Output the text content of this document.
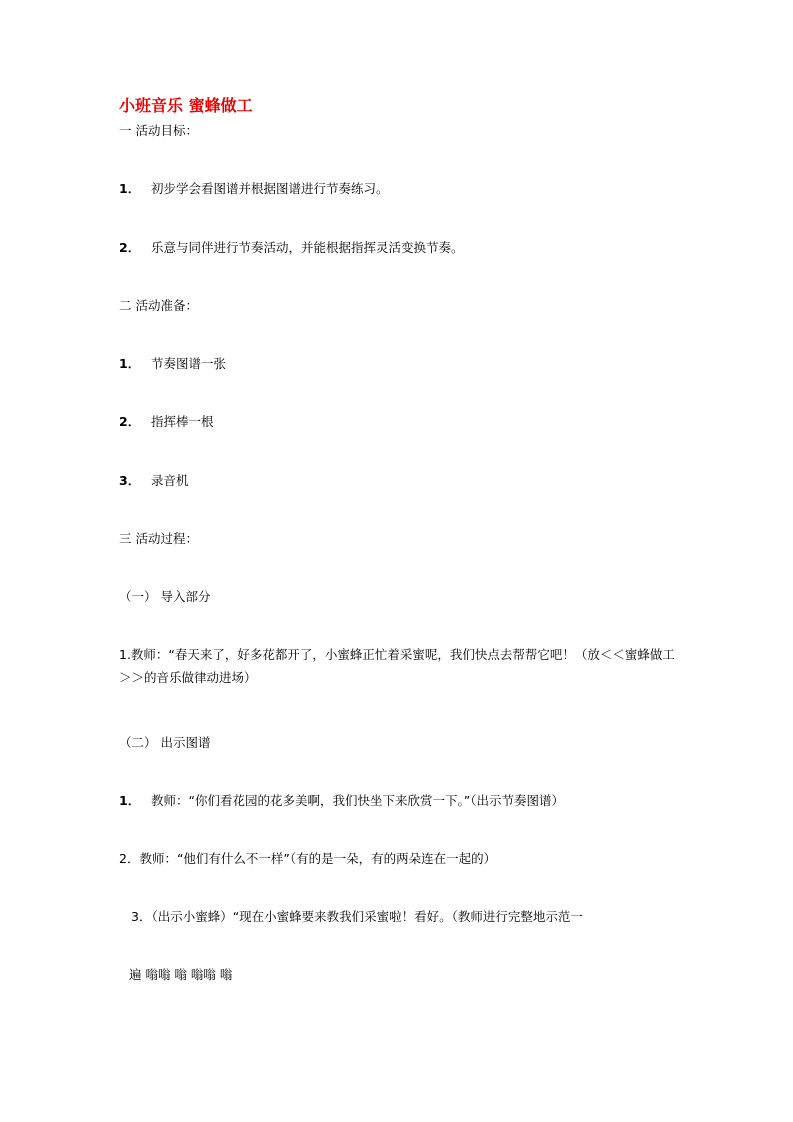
小班音乐 蜜蜂做工
一 活动目标：
1． 初步学会看图谱并根据图谱进行节奏练习。
2． 乐意与同伴进行节奏活动，并能根据指挥灵活变换节奏。
二 活动准备：
1． 节奏图谱一张
2． 指挥棒一根
3． 录音机
三 活动过程：
（一） 导入部分
1.教师：“春天来了，好多花都开了，小蜜蜂正忙着采蜜呢，我们快点去帮帮它吧！（放＜＜蜜蜂做工＞＞的音乐做律动进场）
（二） 出示图谱
1． 教师：“你们看花园的花多美啊，我们快坐下来欣赏一下。”（出示节奏图谱）
2．教师：“他们有什么不一样”（有的是一朵，有的两朵连在一起的）
3．（出示小蜜蜂）“现在小蜜蜂要来教我们采蜜啦！看好。（教师进行完整地示范一
遍 嗡嗡 嗡 嗡嗡 嗡
